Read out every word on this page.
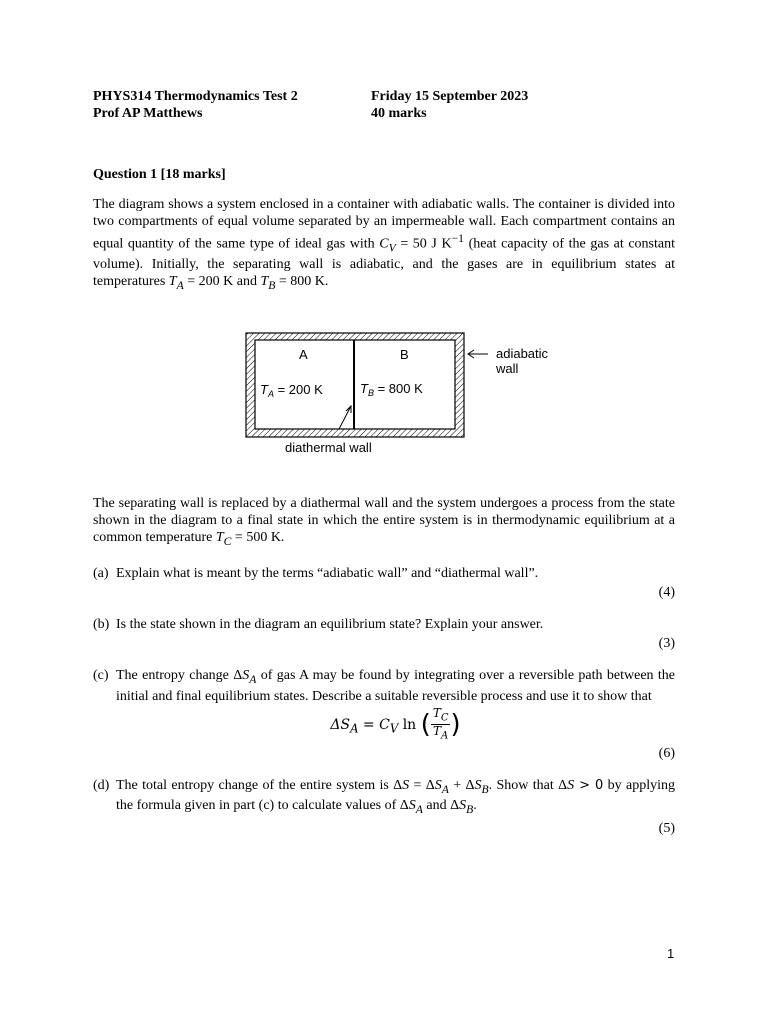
PHYS314 Thermodynamics Test 2	Friday 15 September 2023
Prof AP Matthews	40 marks
Question 1 [18 marks]

The diagram shows a system enclosed in a container with adiabatic walls. The container is divided into two compartments of equal volume separated by an impermeable wall. Each compartment contains an equal quantity of the same type of ideal gas with $C_V = 50$ J $K^{-1}$ (heat capacity of the gas at constant volume). Initially, the separating wall is adiabatic, and the gases are in equilibrium states at temperatures $T_A = 200$ K and $T_B = 800$ K.

A	B
$T_A = 200$ K	$T_B = 800$ K
adiabatic
wall
diathermal wall

The separating wall is replaced by a diathermal wall and the system undergoes a process from the state shown in the diagram to a final state in which the entire system is in thermodynamic equilibrium at a common temperature $T_C = 500$ K.

(a) Explain what is meant by the terms “adiabatic wall” and “diathermal wall”.
(4)
(b) Is the state shown in the diagram an equilibrium state? Explain your answer.
(3)
(c) The entropy change $\Delta S_A$ of gas A may be found by integrating over a reversible path between the initial and final equilibrium states. Describe a suitable reversible process and use it to show that

$\Delta S_A = C_V$ ln ( $\frac{T_C}{T_A}$ )
(6)
(d) The total entropy change of the entire system is $\Delta S = \Delta S_A + \Delta S_B$. Show that ΔS > 0 by applying the formula given in part (c) to calculate values of $\Delta S_A$ and $\Delta S_B$.

(5)
1
